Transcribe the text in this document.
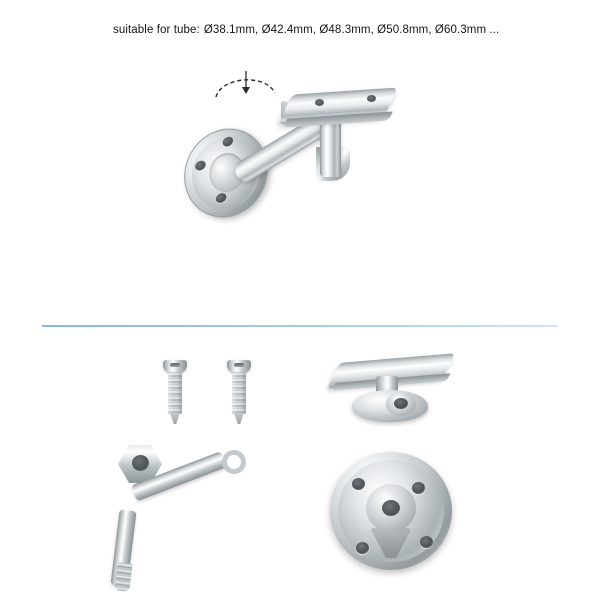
suitable for tube: Ø38.1mm, Ø42.4mm, Ø48.3mm, Ø50.8mm, Ø60.3mm ...
